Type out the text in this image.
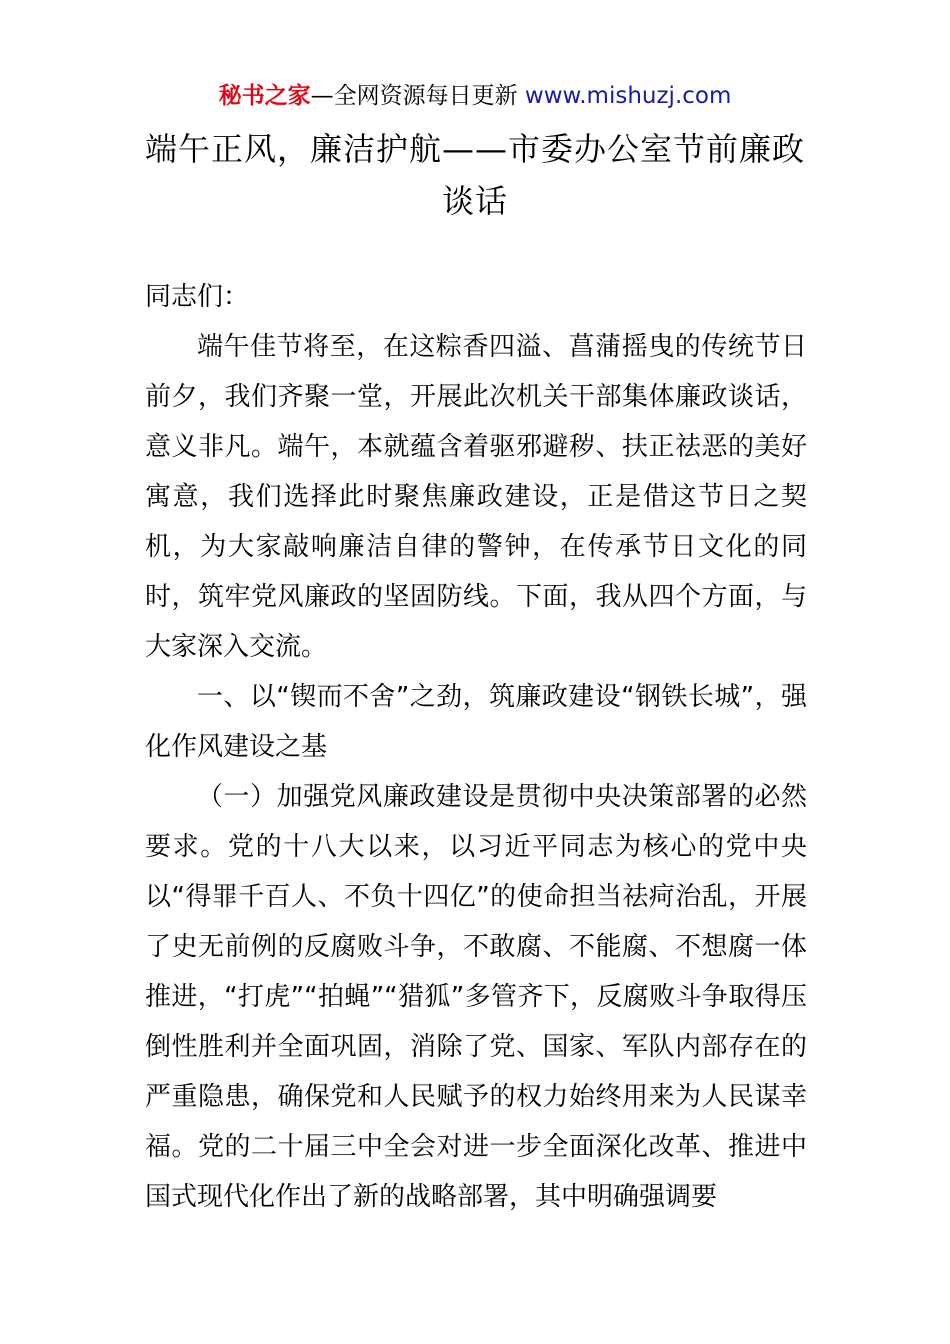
秘书之家—全网资源每日更新 www.mishuzj.com
端午正风，廉洁护航——市委办公室节前廉政谈话

同志们：

端午佳节将至，在这粽香四溢、菖蒲摇曳的传统节日前夕，我们齐聚一堂，开展此次机关干部集体廉政谈话，意义非凡。端午，本就蕴含着驱邪避秽、扶正祛恶的美好寓意，我们选择此时聚焦廉政建设，正是借这节日之契机，为大家敲响廉洁自律的警钟，在传承节日文化的同时，筑牢党风廉政的坚固防线。下面，我从四个方面，与大家深入交流。

一、以“锲而不舍”之劲，筑廉政建设“钢铁长城”，强化作风建设之基

（一）加强党风廉政建设是贯彻中央决策部署的必然要求。党的十八大以来，以习近平同志为核心的党中央以“得罪千百人、不负十四亿”的使命担当祛疴治乱，开展了史无前例的反腐败斗争，不敢腐、不能腐、不想腐一体推进，“打虎”“拍蝇”“猎狐”多管齐下，反腐败斗争取得压倒性胜利并全面巩固，消除了党、国家、军队内部存在的严重隐患，确保党和人民赋予的权力始终用来为人民谋幸福。党的二十届三中全会对进一步全面深化改革、推进中国式现代化作出了新的战略部署，其中明确强调要
